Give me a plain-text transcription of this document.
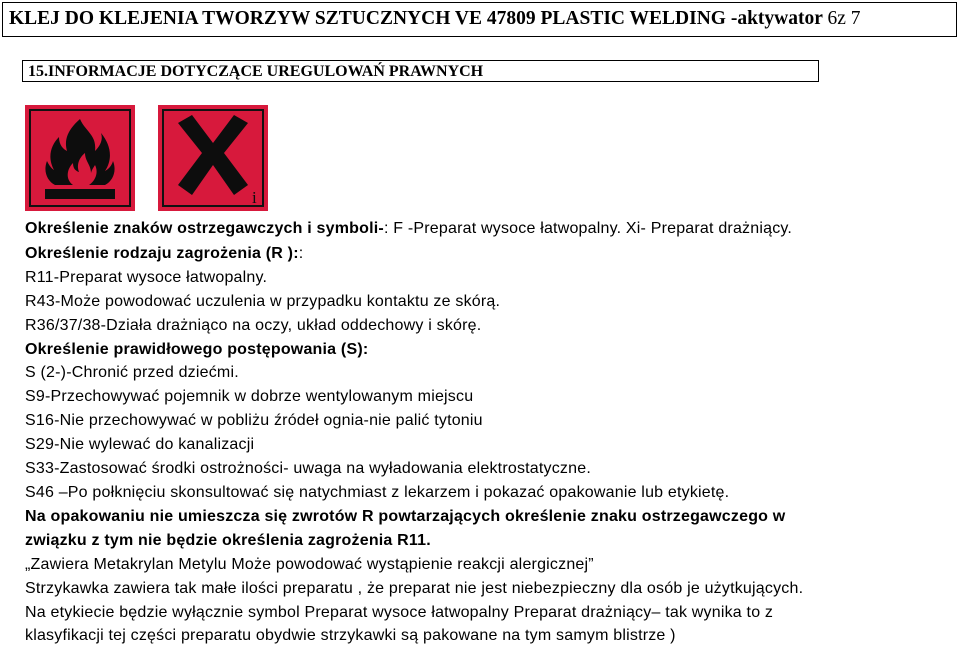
KLEJ DO KLEJENIA TWORZYW SZTUCZNYCH VE 47809 PLASTIC WELDING -aktywator 6z 7
15.INFORMACJE DOTYCZĄCE UREGULOWAŃ PRAWNYCH
i
Określenie znaków ostrzegawczych i symboli-: F -Preparat wysoce łatwopalny. Xi- Preparat drażniący.
Określenie rodzaju zagrożenia (R )::
R11-Preparat wysoce łatwopalny.
R43-Może powodować uczulenia w przypadku kontaktu ze skórą.
R36/37/38-Działa drażniąco na oczy, układ oddechowy i skórę.
Określenie prawidłowego postępowania (S):
S (2-)-Chronić przed dziećmi.
S9-Przechowywać pojemnik w dobrze wentylowanym miejscu
S16-Nie przechowywać w pobliżu źródeł ognia-nie palić tytoniu
S29-Nie wylewać do kanalizacji
S33-Zastosować środki ostrożności- uwaga na wyładowania elektrostatyczne.
S46 –Po połknięciu skonsultować się natychmiast z lekarzem i pokazać opakowanie lub etykietę.
Na opakowaniu nie umieszcza się zwrotów R powtarzających określenie znaku ostrzegawczego w
związku z tym nie będzie określenia zagrożenia R11.
„Zawiera Metakrylan Metylu Może powodować wystąpienie reakcji alergicznej”
Strzykawka zawiera tak małe ilości preparatu , że preparat nie jest niebezpieczny dla osób je użytkujących.
Na etykiecie będzie wyłącznie symbol Preparat wysoce łatwopalny Preparat drażniący– tak wynika to z
klasyfikacji tej części preparatu obydwie strzykawki są pakowane na tym samym blistrze )
